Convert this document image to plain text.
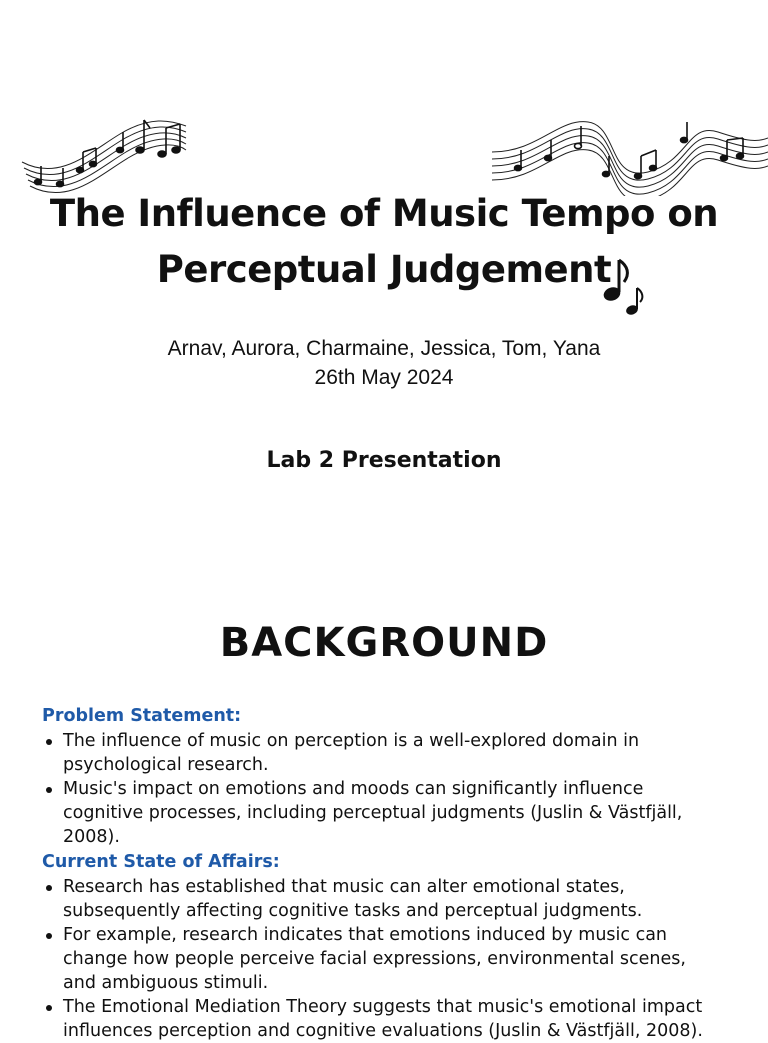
The Influence of Music Tempo on
Perceptual Judgement
Arnav, Aurora, Charmaine, Jessica, Tom, Yana
26th May 2024
Lab 2 Presentation
BACKGROUND
Problem Statement:
The influence of music on perception is a well-explored domain in psychological research.
Music's impact on emotions and moods can significantly influence cognitive processes, including perceptual judgments (Juslin & Västfjäll, 2008).
Current State of Affairs:
Research has established that music can alter emotional states, subsequently affecting cognitive tasks and perceptual judgments.
For example, research indicates that emotions induced by music can change how people perceive facial expressions, environmental scenes, and ambiguous stimuli.
The Emotional Mediation Theory suggests that music's emotional impact influences perception and cognitive evaluations (Juslin & Västfjäll, 2008).
